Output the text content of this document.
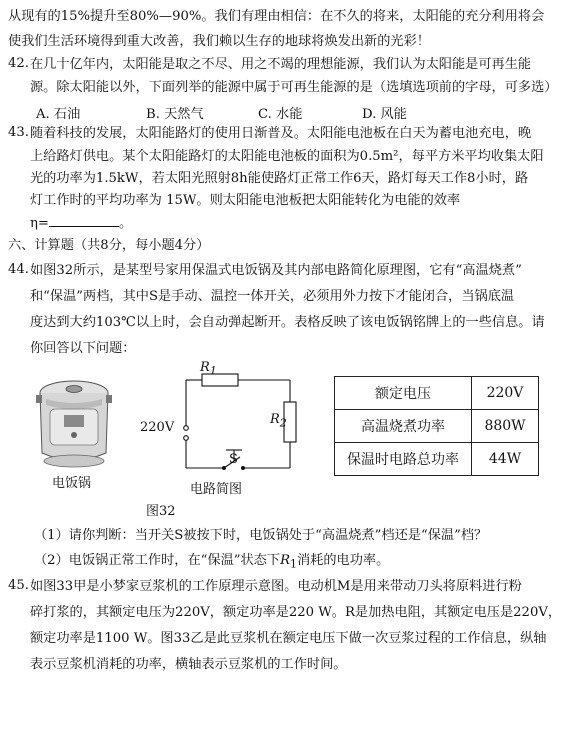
从现有的15%提升至80%—90%。我们有理由相信：在不久的将来，太阳能的充分利用将会
使我们生活环境得到重大改善，我们赖以生存的地球将焕发出新的光彩！
42. 在几十亿年内，太阳能是取之不尽、用之不竭的理想能源，我们认为太阳能是可再生能
源。除太阳能以外，下面列举的能源中属于可再生能源的是（选填选项前的字母，可多选）
A. 石油	B. 天然气	C. 水能	D. 风能
43. 随着科技的发展，太阳能路灯的使用日渐普及。太阳能电池板在白天为蓄电池充电，晚
上给路灯供电。某个太阳能路灯的太阳能电池板的面积为0.5m²，每平方米平均收集太阳
光的功率为1.5kW，若太阳光照射8h能使路灯正常工作6天，路灯每天工作8小时，路
灯工作时的平均功率为 15W。则太阳能电池板把太阳能转化为电能的效率
η=	。
六、计算题（共8分，每小题4分）
44. 如图32所示，是某型号家用保温式电饭锅及其内部电路简化原理图，它有“高温烧煮”
和“保温”两档，其中S是手动、温控一体开关，必须用外力按下才能闭合，当锅底温
度达到大约103℃以上时，会自动弹起断开。表格反映了该电饭锅铭牌上的一些信息。请
你回答以下问题：
电饭锅
220V
$R_1$
$R_2$
S
电路简图
图32
额定电压	220V
高温烧煮功率	880W
保温时电路总功率	44W
（1）请你判断：当开关S被按下时，电饭锅处于“高温烧煮”档还是“保温”档？
（2）电饭锅正常工作时，在“保温”状态下$R_1$消耗的电功率。
45. 如图33甲是小梦家豆浆机的工作原理示意图。电动机M是用来带动刀头将原料进行粉
碎打浆的，其额定电压为220V，额定功率是220 W。R是加热电阻，其额定电压是220V，
额定功率是1100 W。图33乙是此豆浆机在额定电压下做一次豆浆过程的工作信息，纵轴
表示豆浆机消耗的功率，横轴表示豆浆机的工作时间。
